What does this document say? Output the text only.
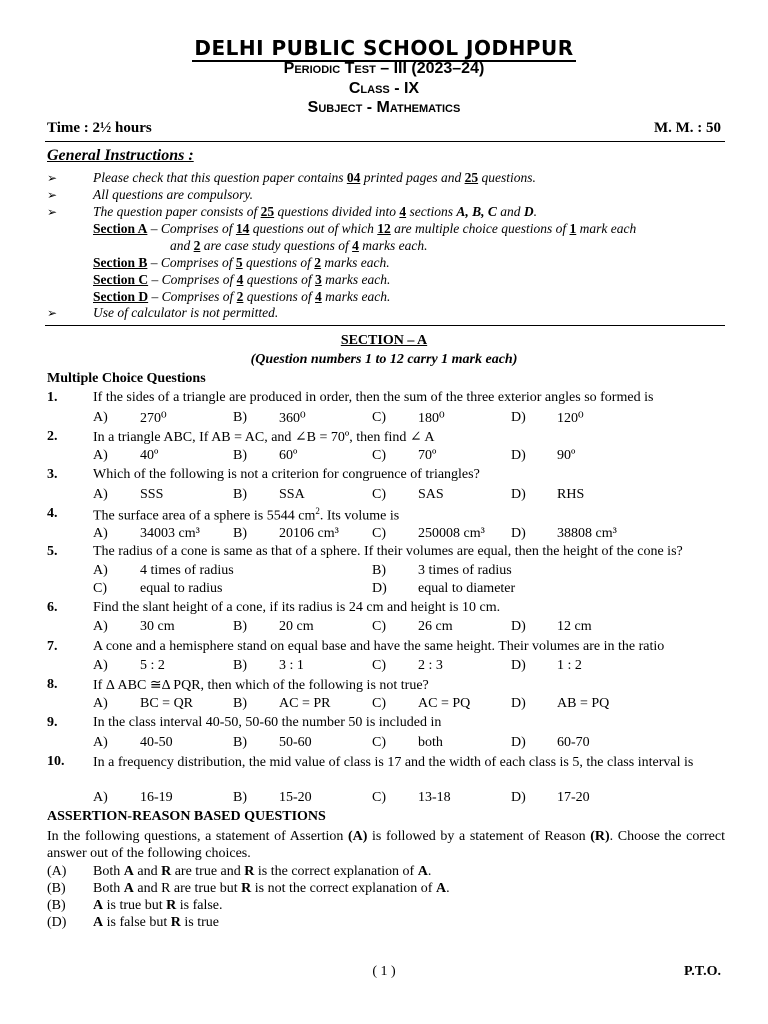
DELHI PUBLIC SCHOOL JODHPUR
Periodic Test – III (2023–24)
Class - IX
Subject - Mathematics
Time : 2½ hours	M. M. : 50
General Instructions :
➢	Please check that this question paper contains 04 printed pages and 25 questions.
➢	All questions are compulsory.
➢	The question paper consists of 25 questions divided into 4 sections A, B, C and D.
Section A – Comprises of 14 questions out of which 12 are multiple choice questions of 1 mark each
and 2 are case study questions of 4 marks each.
Section B – Comprises of 5 questions of 2 marks each.
Section C – Comprises of 4 questions of 3 marks each.
Section D – Comprises of 2 questions of 4 marks each.
➢	Use of calculator is not permitted.
SECTION – A
(Question numbers 1 to 12 carry 1 mark each)
Multiple Choice Questions
1.	If the sides of a triangle are produced in order, then the sum of the three exterior angles so formed is
A) 270⁰	B) 360⁰	C) 180⁰	D) 120⁰
2.	In a triangle ABC, If AB = AC, and ∠B = 70º, then find ∠ A
A) 40º	B) 60º	C) 70º	D) 90º
3.	Which of the following is not a criterion for congruence of triangles?
A) SSS	B) SSA	C) SAS	D) RHS
4.	The surface area of a sphere is 5544 $cm^2$. Its volume is
A) 34003 cm³ B) 20106 cm³ C) 250008 cm³ D) 38808 cm³
5.	The radius of a cone is same as that of a sphere. If their volumes are equal, then the height of the cone is?
A) 4 times of radius	B) 3 times of radius
C) equal to radius	D) equal to diameter
6.	Find the slant height of a cone, if its radius is 24 cm and height is 10 cm.
A) 30 cm	B) 20 cm	C) 26 cm	D) 12 cm
7.	A cone and a hemisphere stand on equal base and have the same height. Their volumes are in the ratio
A) 5 : 2	B) 3 : 1	C) 2 : 3	D) 1 : 2
8.	If Δ ABC ≅Δ PQR, then which of the following is not true?
A) BC = QR	B) AC = PR	C) AC = PQ	D) AB = PQ
9.	In the class interval 40-50, 50-60 the number 50 is included in
A) 40-50	B) 50-60	C) both	D) 60-70
10. In a frequency distribution, the mid value of class is 17 and the width of each class is 5, the class interval is
A) 16-19	B) 15-20	C) 13-18	D) 17-20
ASSERTION-REASON BASED QUESTIONS
In the following questions, a statement of Assertion (A) is followed by a statement of Reason (R). Choose the correct answer out of the following choices.
(A) Both A and R are true and R is the correct explanation of A.
(B) Both A and R are true but R is not the correct explanation of A.
(B) A is true but R is false.
(D) A is false but R is true
( 1 )	P.T.O.
